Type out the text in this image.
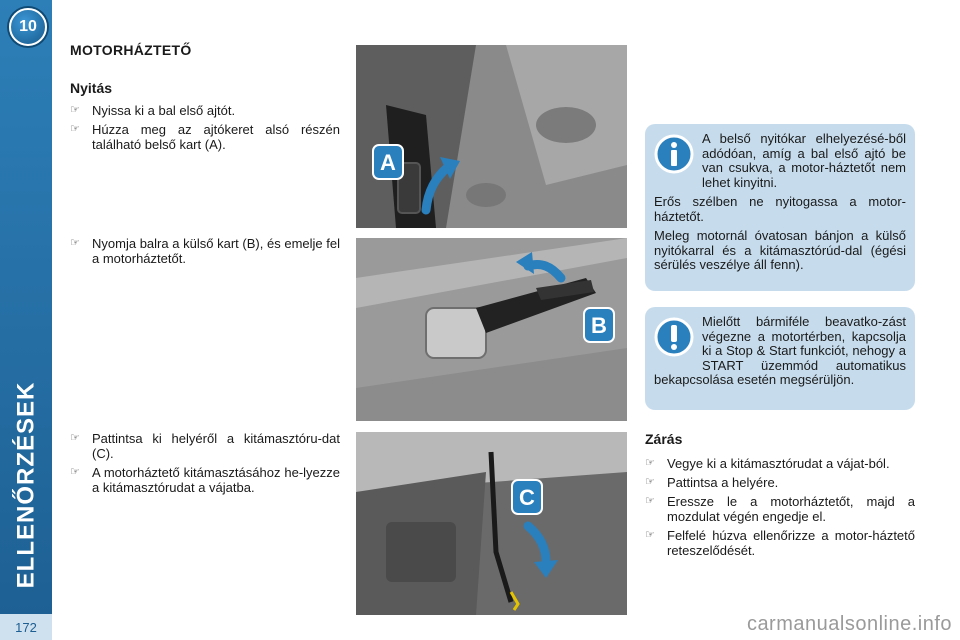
10
ELLENŐRZÉSEK
172
MOTORHÁZTETŐ
Nyitás
☞ Nyissa ki a bal első ajtót.
☞ Húzza meg az ajtókeret alsó részén található belső kart (A).
☞ Nyomja balra a külső kart (B), és emelje fel a motorháztetőt.
☞ Pattintsa ki helyéről a kitámasztóru-dat (C).
☞ A motorháztető kitámasztásához he-lyezze a kitámasztórudat a vájatba.
A
B
C

A belső nyitókar elhelyezésé-ből adódóan, amíg a bal első ajtó be van csukva, a motor-háztetőt nem lehet kinyitni.

Erős szélben ne nyitogassa a motor-háztetőt.

Meleg motornál óvatosan bánjon a külső nyitókarral és a kitámasztórúd-dal (égési sérülés veszélye áll fenn).

Mielőtt bármiféle beavatko-zást végezne a motortérben, kapcsolja ki a Stop & Start funkciót, nehogy a START üzemmód automatikus bekapcsolása esetén megsérüljön.

Zárás
☞ Vegye ki a kitámasztórudat a vájat-ból.
☞ Pattintsa a helyére.
☞ Eressze le a motorháztetőt, majd a mozdulat végén engedje el.
☞ Felfelé húzva ellenőrizze a motor-háztető reteszelődését.
carmanualsonline.info
